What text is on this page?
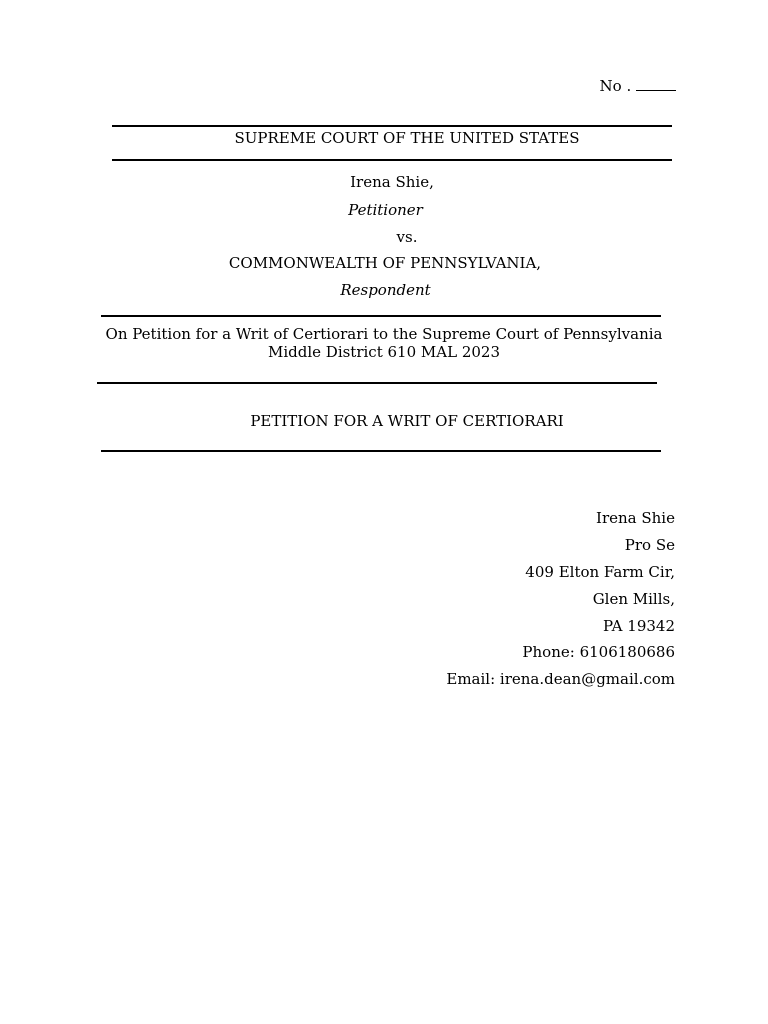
No .
SUPREME COURT OF THE UNITED STATES
Irena Shie,
Petitioner
vs.
COMMONWEALTH OF PENNSYLVANIA,
Respondent
On Petition for a Writ of Certiorari to the Supreme Court of Pennsylvania
Middle District 610 MAL 2023
PETITION FOR A WRIT OF CERTIORARI
Irena Shie
Pro Se
409 Elton Farm Cir,
Glen Mills,
PA 19342
Phone: 6106180686
Email: irena.dean@gmail.com
